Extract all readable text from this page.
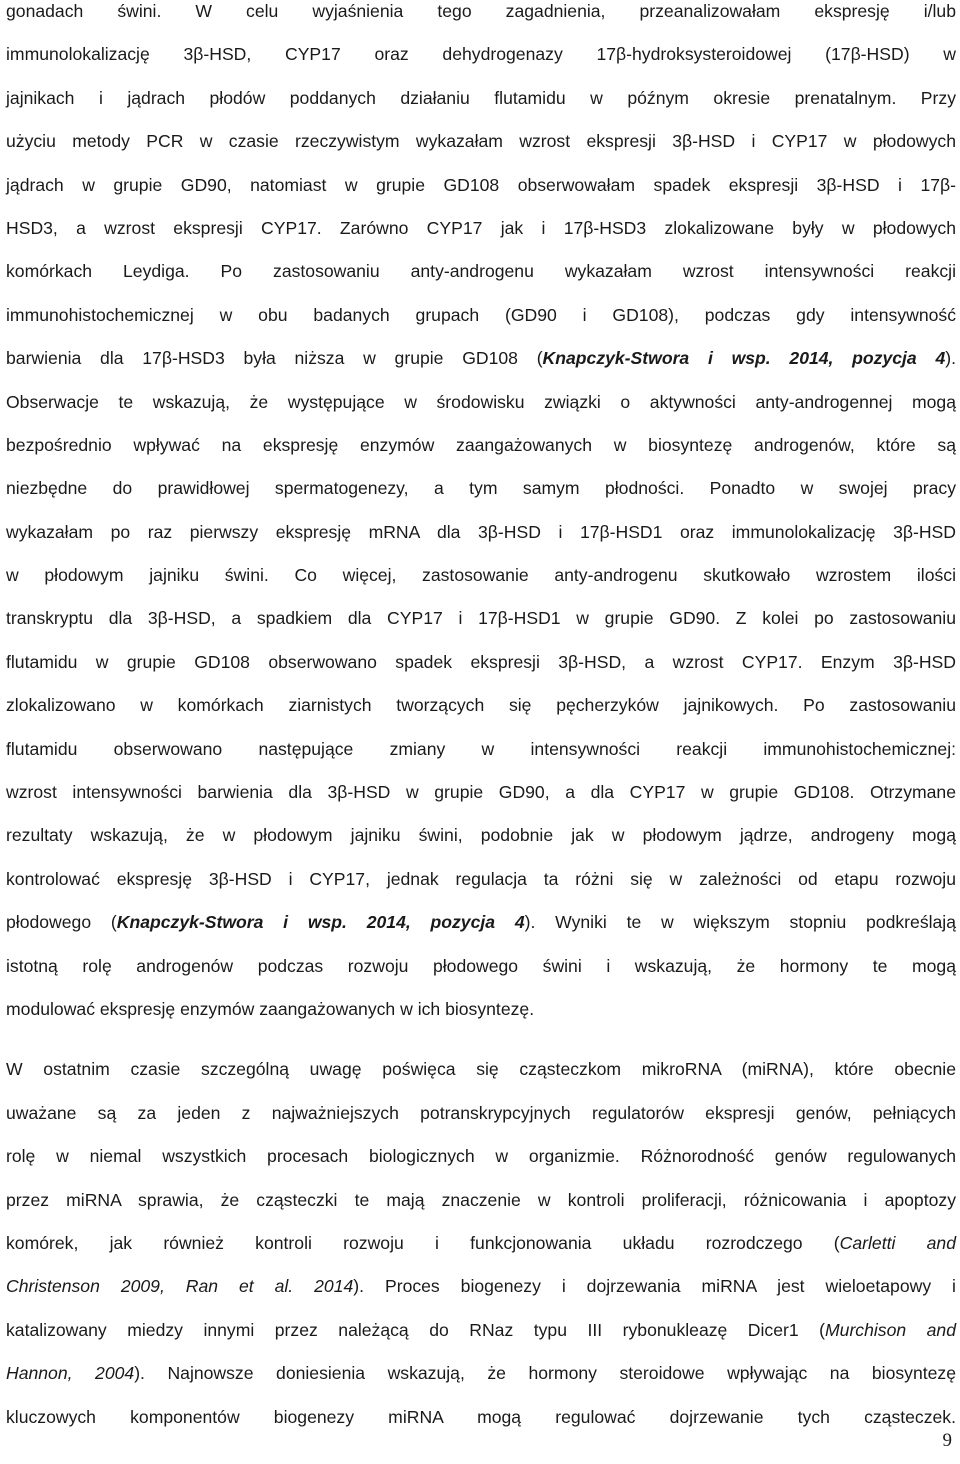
gonadach świni. W celu wyjaśnienia tego zagadnienia, przeanalizowałam ekspresję i/lub
immunolokalizację 3β-HSD, CYP17 oraz dehydrogenazy 17β-hydroksysteroidowej (17β-HSD) w
jajnikach i jądrach płodów poddanych działaniu flutamidu w późnym okresie prenatalnym. Przy
użyciu metody PCR w czasie rzeczywistym wykazałam wzrost ekspresji 3β-HSD i CYP17 w płodowych
jądrach w grupie GD90, natomiast w grupie GD108 obserwowałam spadek ekspresji 3β-HSD i 17β-
HSD3, a wzrost ekspresji CYP17. Zarówno CYP17 jak i 17β-HSD3 zlokalizowane były w płodowych
komórkach Leydiga. Po zastosowaniu anty-androgenu wykazałam wzrost intensywności reakcji
immunohistochemicznej w obu badanych grupach (GD90 i GD108), podczas gdy intensywność
barwienia dla 17β-HSD3 była niższa w grupie GD108 (Knapczyk-Stwora i wsp. 2014, pozycja 4).
Obserwacje te wskazują, że występujące w środowisku związki o aktywności anty-androgennej mogą
bezpośrednio wpływać na ekspresję enzymów zaangażowanych w biosyntezę androgenów, które są
niezbędne do prawidłowej spermatogenezy, a tym samym płodności. Ponadto w swojej pracy
wykazałam po raz pierwszy ekspresję mRNA dla 3β-HSD i 17β-HSD1 oraz immunolokalizację 3β-HSD
w płodowym jajniku świni. Co więcej, zastosowanie anty-androgenu skutkowało wzrostem ilości
transkryptu dla 3β-HSD, a spadkiem dla CYP17 i 17β-HSD1 w grupie GD90. Z kolei po zastosowaniu
flutamidu w grupie GD108 obserwowano spadek ekspresji 3β-HSD, a wzrost CYP17. Enzym 3β-HSD
zlokalizowano w komórkach ziarnistych tworzących się pęcherzyków jajnikowych. Po zastosowaniu
flutamidu obserwowano następujące zmiany w intensywności reakcji immunohistochemicznej:
wzrost intensywności barwienia dla 3β-HSD w grupie GD90, a dla CYP17 w grupie GD108. Otrzymane
rezultaty wskazują, że w płodowym jajniku świni, podobnie jak w płodowym jądrze, androgeny mogą
kontrolować ekspresję 3β-HSD i CYP17, jednak regulacja ta różni się w zależności od etapu rozwoju
płodowego (Knapczyk-Stwora i wsp. 2014, pozycja 4). Wyniki te w większym stopniu podkreślają
istotną rolę androgenów podczas rozwoju płodowego świni i wskazują, że hormony te mogą
modulować ekspresję enzymów zaangażowanych w ich biosyntezę.
W ostatnim czasie szczególną uwagę poświęca się cząsteczkom mikroRNA (miRNA), które obecnie
uważane są za jeden z najważniejszych potranskrypcyjnych regulatorów ekspresji genów, pełniących
rolę w niemal wszystkich procesach biologicznych w organizmie. Różnorodność genów regulowanych
przez miRNA sprawia, że cząsteczki te mają znaczenie w kontroli proliferacji, różnicowania i apoptozy
komórek, jak również kontroli rozwoju i funkcjonowania układu rozrodczego (Carletti and
Christenson 2009, Ran et al. 2014). Proces biogenezy i dojrzewania miRNA jest wieloetapowy i
katalizowany miedzy innymi przez należącą do RNaz typu III rybonukleazę Dicer1 (Murchison and
Hannon, 2004). Najnowsze doniesienia wskazują, że hormony steroidowe wpływając na biosyntezę
kluczowych komponentów biogenezy miRNA mogą regulować dojrzewanie tych cząsteczek.
9
